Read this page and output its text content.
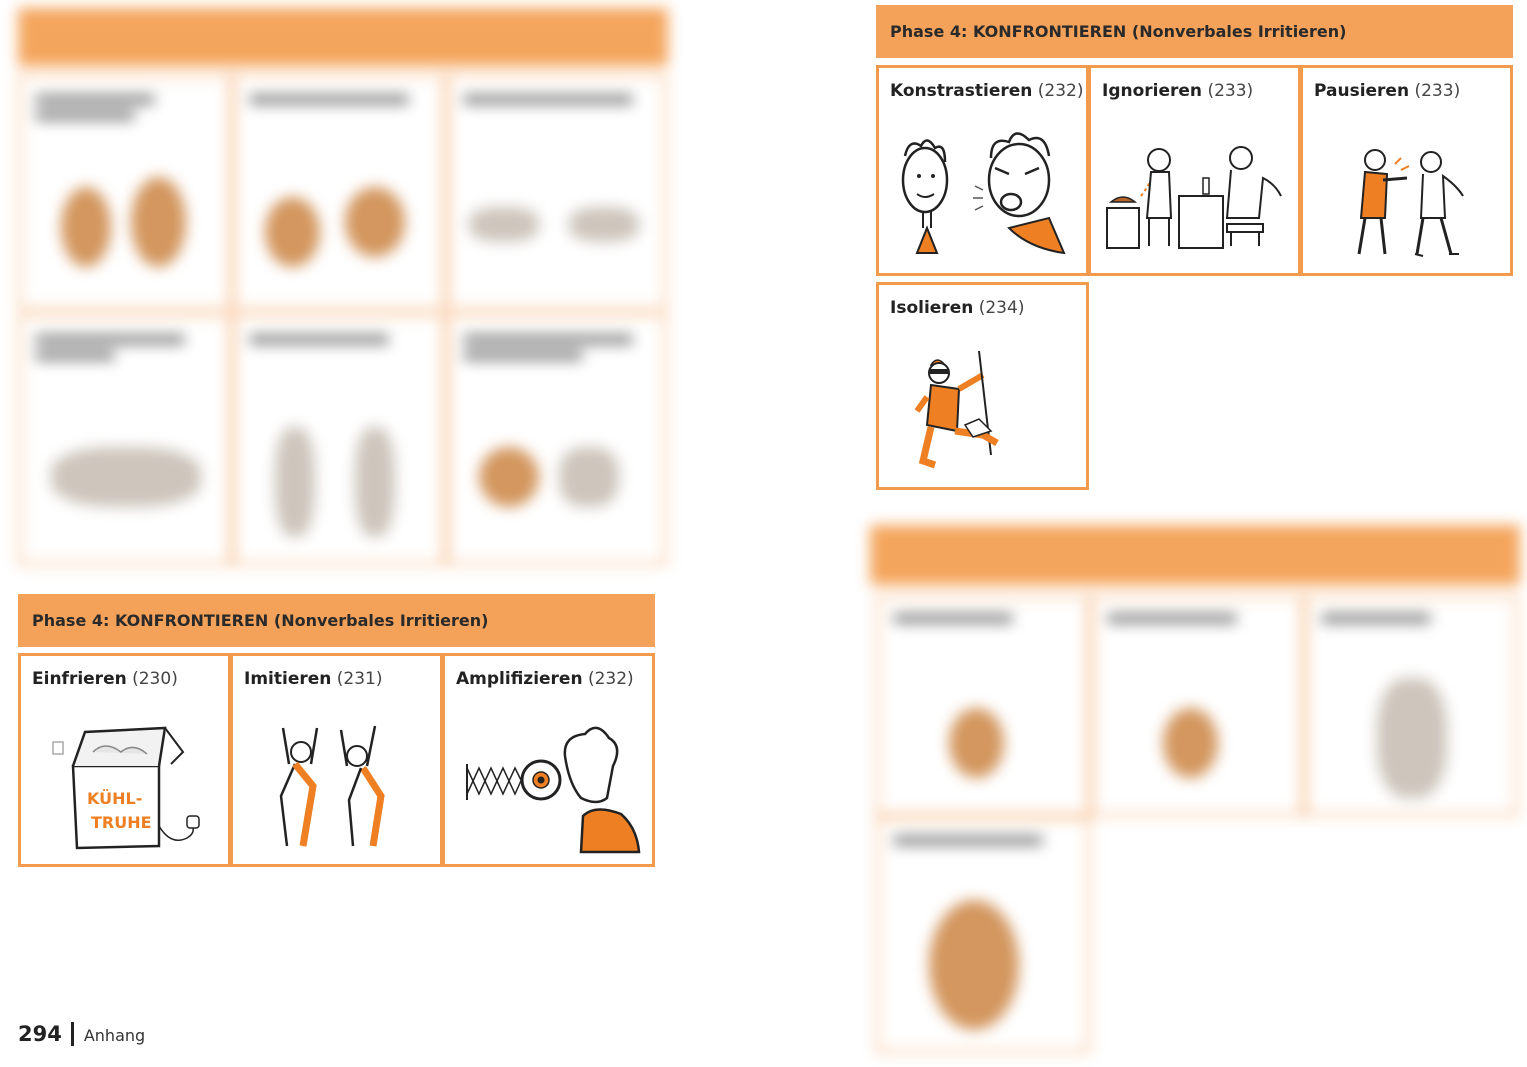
Phase 4: KONFRONTIEREN (Nonverbales Irritieren)
Konstrastieren (232) Ignorieren (233)	Pausieren (233)
Isolieren (234)
Phase 4: KONFRONTIEREN (Nonverbales Irritieren)
Einfrieren (230)
KÜHL-
TRUHE
Imitieren (231)	Amplifizieren (232)
294 Anhang
